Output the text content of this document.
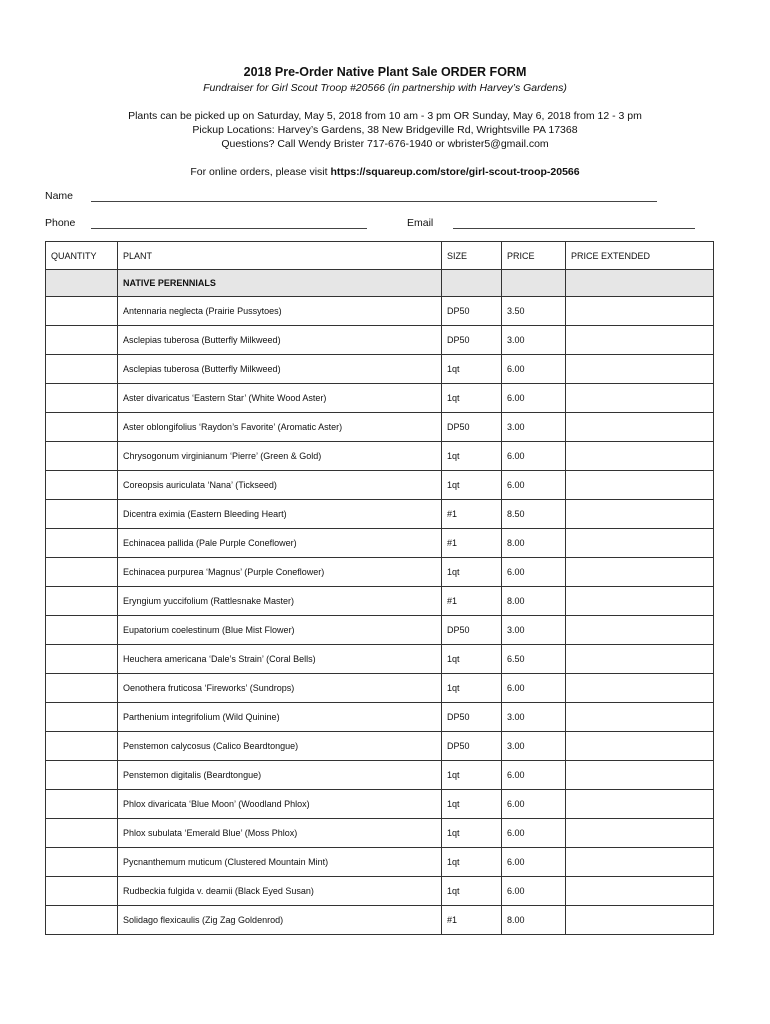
2018 Pre-Order Native Plant Sale ORDER FORM

Fundraiser for Girl Scout Troop #20566 (in partnership with Harvey’s Gardens)

Plants can be picked up on Saturday, May 5, 2018 from 10 am - 3 pm OR Sunday, May 6, 2018 from 12 - 3 pm

Pickup Locations: Harvey’s Gardens, 38 New Bridgeville Rd, Wrightsville PA 17368

Questions? Call Wendy Brister 717-676-1940 or wbrister5@gmail.com

For online orders, please visit https://squareup.com/store/girl-scout-troop-20566

Name
Phone	Email
QUANTITY	PLANT	SIZE	PRICE	PRICE EXTENDED
	NATIVE PERENNIALS			
	Antennaria neglecta (Prairie Pussytoes)	DP50	3.50	
	Asclepias tuberosa (Butterfly Milkweed)	DP50	3.00	
	Asclepias tuberosa (Butterfly Milkweed)	1qt	6.00	
	Aster divaricatus ‘Eastern Star’ (White Wood Aster)	1qt	6.00	
	Aster oblongifolius ‘Raydon’s Favorite’ (Aromatic Aster)	DP50	3.00	
	Chrysogonum virginianum ‘Pierre’ (Green & Gold)	1qt	6.00	
	Coreopsis auriculata ‘Nana’ (Tickseed)	1qt	6.00	
	Dicentra eximia (Eastern Bleeding Heart)	#1	8.50	
	Echinacea pallida (Pale Purple Coneflower)	#1	8.00	
	Echinacea purpurea ‘Magnus’ (Purple Coneflower)	1qt	6.00	
	Eryngium yuccifolium (Rattlesnake Master)	#1	8.00	
	Eupatorium coelestinum (Blue Mist Flower)	DP50	3.00	
	Heuchera americana ‘Dale’s Strain’ (Coral Bells)	1qt	6.50	
	Oenothera fruticosa ‘Fireworks’ (Sundrops)	1qt	6.00	
	Parthenium integrifolium (Wild Quinine)	DP50	3.00	
	Penstemon calycosus (Calico Beardtongue)	DP50	3.00	
	Penstemon digitalis (Beardtongue)	1qt	6.00	
	Phlox divaricata ‘Blue Moon’ (Woodland Phlox)	1qt	6.00	
	Phlox subulata ‘Emerald Blue’ (Moss Phlox)	1qt	6.00	
	Pycnanthemum muticum (Clustered Mountain Mint)	1qt	6.00	
	Rudbeckia fulgida v. deamii (Black Eyed Susan)	1qt	6.00	
	Solidago flexicaulis (Zig Zag Goldenrod)	#1	8.00	
